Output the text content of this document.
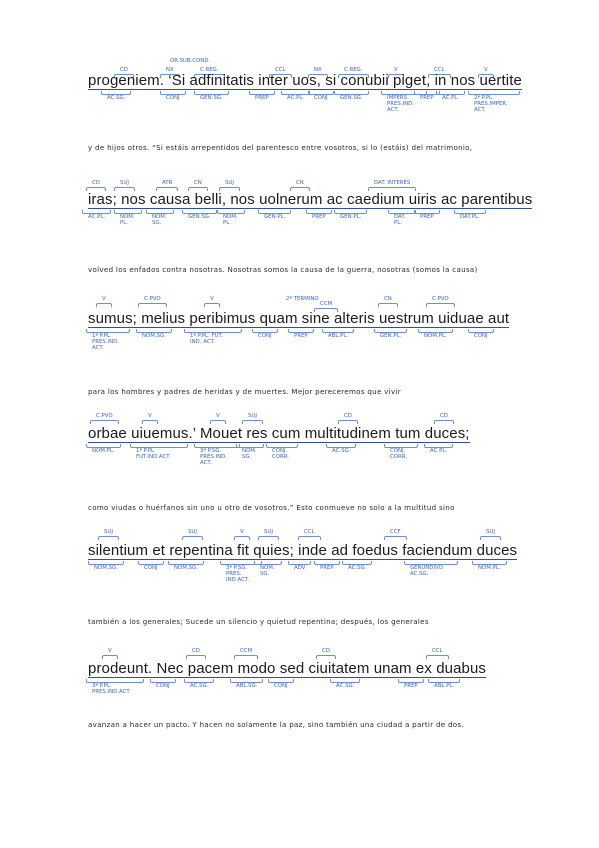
OR.SUB.COND.
CD	NX	C.REG.	CCL	NX	C.REG.	V	CCL	V
progeniem. ‘Si adfinitatis inter uos, si conubii piget, in nos uertite
AC.SG.	CONJ	GEN.SG.	PREP	AC.PL. CONJ GEN.SG.	IMPERS. PRES.IND. ACT.
PREP AC.PL.	2ª P.PL. PRES.IMPER. ACT.
y de hijos otros. “Si estáis arrepentidos del parentesco entre vosotros, si lo (estáis) del matrimonio,
CD	SUJ	ATR	CN	SUJ	CN	DAT. INTERÉS
iras; nos causa belli, nos uolnerum ac caedium uiris ac parentibus
AC.PL.	NOM. PL.
NOM. SG.
GEN.SG. NOM. PL.
GEN.PL.	PREP	GEN.PL.	DAT. PL.
PREP	DAT.PL.
volved los enfados contra nosotras. Nosotras somos la causa de la guerra, nosotras (somos la causa)
V	C.PVO	V	2º TÉRMINO
CCM
CN	C.PVO
sumus; melius peribimus quam sine alteris uestrum uiduae aut
1ª P.PL. PRES.IND. ACT.
NOM.SG.	1ª P.PL. FUT. IND. ACT.
CONJ	PREP	ABL.PL.	GEN.PL.	NOM.PL.	CONJ
para los hombres y padres de heridas y de muertes. Mejor pereceremos que vivir
C.PVO	V	V	SUJ	CD	CD
orbae uiuemus.’ Mouet res cum multitudinem tum duces;
NOM.PL.	1ª P.PL. FUT.IND.ACT.
3ª P.SG. PRES.IND. ACT.
NOM. SG.
CONJ. CORR.
AC.SG.	CONJ. CORR.
AC.PL.
como viudas o huérfanos sin uno u otro de vosotros.” Esto conmueve no solo a la multitud sino
SUJ	SUJ	V	SUJ	CCL	CCF	SUJ
silentium et repentina fit quies; inde ad foedus faciendum duces
NOM.SG.	CONJ	NOM.SG.	3ª P.SG. PRES. IND.ACT.
NOM. SG.
ADV	PREP	AC.SG.	GERUNDIVO AC.SG.
NOM.PL.
también a los generales; Sucede un silencio y quietud repentina; después, los generales
V	CD	CCM	CD	CCL
prodeunt. Nec pacem modo sed ciuitatem unam ex duabus
3ª P.PL. PRES.IND.ACT.
CONJ	AC.SG.	ABL.SG.	CONJ	AC.SG.	PREP	ABL.PL.
avanzan a hacer un pacto. Y hacen no solamente la paz, sino también una ciudad a partir de dos.
